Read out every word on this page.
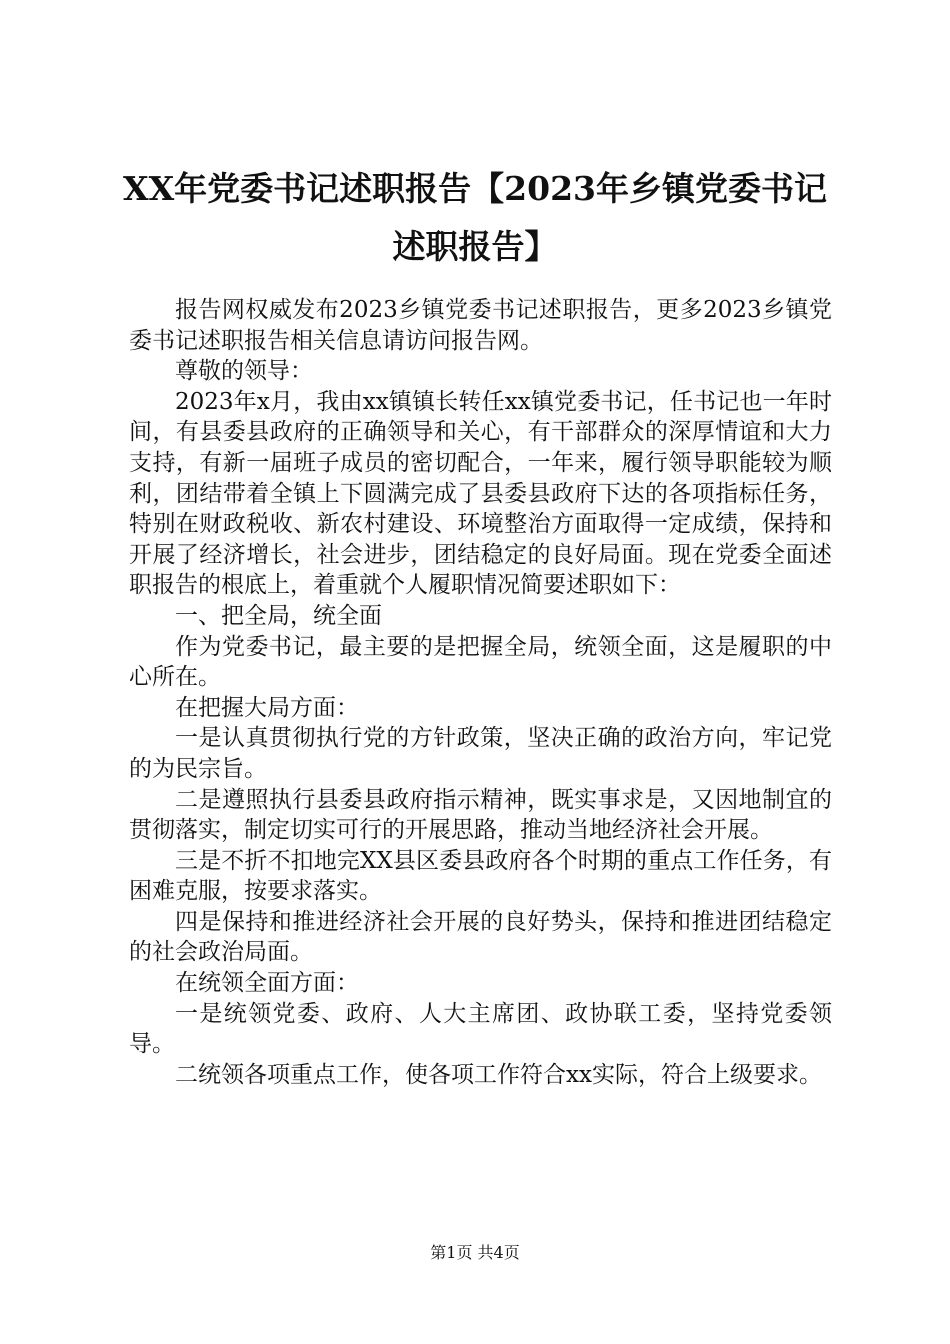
XX年党委书记述职报告【2023年乡镇党委书记述职报告】

报告网权威发布2023乡镇党委书记述职报告，更多2023乡镇党委书记述职报告相关信息请访问报告网。

尊敬的领导：

2023年x月，我由xx镇镇长转任xx镇党委书记，任书记也一年时间，有县委县政府的正确领导和关心，有干部群众的深厚情谊和大力支持，有新一届班子成员的密切配合，一年来，履行领导职能较为顺利，团结带着全镇上下圆满完成了县委县政府下达的各项指标任务，特别在财政税收、新农村建设、环境整治方面取得一定成绩，保持和开展了经济增长，社会进步，团结稳定的良好局面。现在党委全面述职报告的根底上，着重就个人履职情况简要述职如下：

一、把全局，统全面

作为党委书记，最主要的是把握全局，统领全面，这是履职的中心所在。

在把握大局方面：

一是认真贯彻执行党的方针政策，坚决正确的政治方向，牢记党的为民宗旨。

二是遵照执行县委县政府指示精神，既实事求是，又因地制宜的贯彻落实，制定切实可行的开展思路，推动当地经济社会开展。

三是不折不扣地完XX县区委县政府各个时期的重点工作任务，有困难克服，按要求落实。

四是保持和推进经济社会开展的良好势头，保持和推进团结稳定的社会政治局面。

在统领全面方面：

一是统领党委、政府、人大主席团、政协联工委，坚持党委领导。

二统领各项重点工作，使各项工作符合xx实际，符合上级要求。

第1页 共4页
